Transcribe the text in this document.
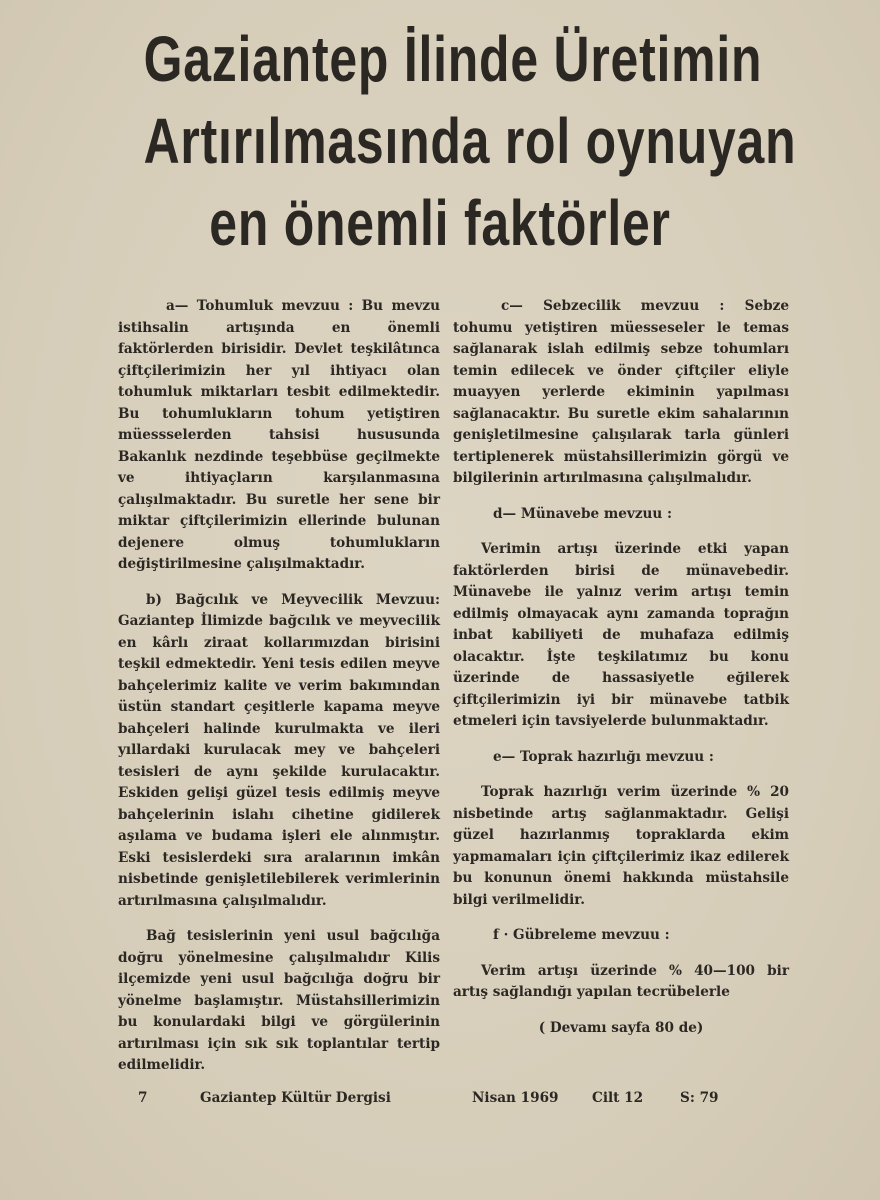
Gaziantep İlinde Üretimin
Artırılmasında rol oynuyan
en önemli faktörler

a— Tohumluk mevzuu : Bu mevzu istihsalin artışında en önemli faktörlerden birisidir. Devlet teşkilâtınca çiftçilerimizin her yıl ihtiyacı olan tohumluk miktarları tesbit edilmektedir. Bu tohumlukların tohum yetiştiren müessselerden tahsisi hususunda Bakanlık nezdinde teşebbüse geçilmekte ve ihtiyaçların karşılanmasına çalışılmaktadır. Bu suretle her sene bir miktar çiftçilerimizin ellerinde bulunan dejenere olmuş tohumlukların değiştirilmesine çalışılmaktadır.

b) Bağcılık ve Meyvecilik Mevzuu: Gaziantep İlimizde bağcılık ve meyvecilik en kârlı ziraat kollarımızdan birisini teşkil edmektedir. Yeni tesis edilen meyve bahçelerimiz kalite ve verim bakımından üstün standart çeşitlerle kapama meyve bahçeleri halinde kurulmakta ve ileri yıllardaki kurulacak mey ve bahçeleri tesisleri de aynı şekilde kurulacaktır. Eskiden gelişi güzel tesis edilmiş meyve bahçelerinin islahı cihetine gidilerek aşılama ve budama işleri ele alınmıştır. Eski tesislerdeki sıra aralarının imkân nisbetinde genişletilebilerek verimlerinin artırılmasına çalışılmalıdır.

Bağ tesislerinin yeni usul bağcılığa doğru yönelmesine çalışılmalıdır Kilis ilçemizde yeni usul bağcılığa doğru bir yönelme başlamıştır. Müstahsillerimizin bu konulardaki bilgi ve görgülerinin artırılması için sık sık toplantılar tertip edilmelidir.

c— Sebzecilik mevzuu : Sebze tohumu yetiştiren müesseseler le temas sağlanarak islah edilmiş sebze tohumları temin edilecek ve önder çiftçiler eliyle muayyen yerlerde ekiminin yapılması sağlanacaktır. Bu suretle ekim sahalarının genişletilmesine çalışılarak tarla günleri tertiplenerek müstahsillerimizin görgü ve bilgilerinin artırılmasına çalışılmalıdır.

d— Münavebe mevzuu :

Verimin artışı üzerinde etki yapan faktörlerden birisi de münavebedir. Münavebe ile yalnız verim artışı temin edilmiş olmayacak aynı zamanda toprağın inbat kabiliyeti de muhafaza edilmiş olacaktır. İşte teşkilatımız bu konu üzerinde de hassasiyetle eğilerek çiftçilerimizin iyi bir münavebe tatbik etmeleri için tavsiyelerde bulunmaktadır.

e— Toprak hazırlığı mevzuu :

Toprak hazırlığı verim üzerinde % 20 nisbetinde artış sağlanmaktadır. Gelişi güzel hazırlanmış topraklarda ekim yapmamaları için çiftçilerimiz ikaz edilerek bu konunun önemi hakkında müstahsile bilgi verilmelidir.

f · Gübreleme mevzuu :

Verim artışı üzerinde % 40—100 bir artış sağlandığı yapılan tecrübelerle

( Devamı sayfa 80 de)

7	Gaziantep Kültür Dergisi	Nisan 1969 Cilt 12	S: 79
